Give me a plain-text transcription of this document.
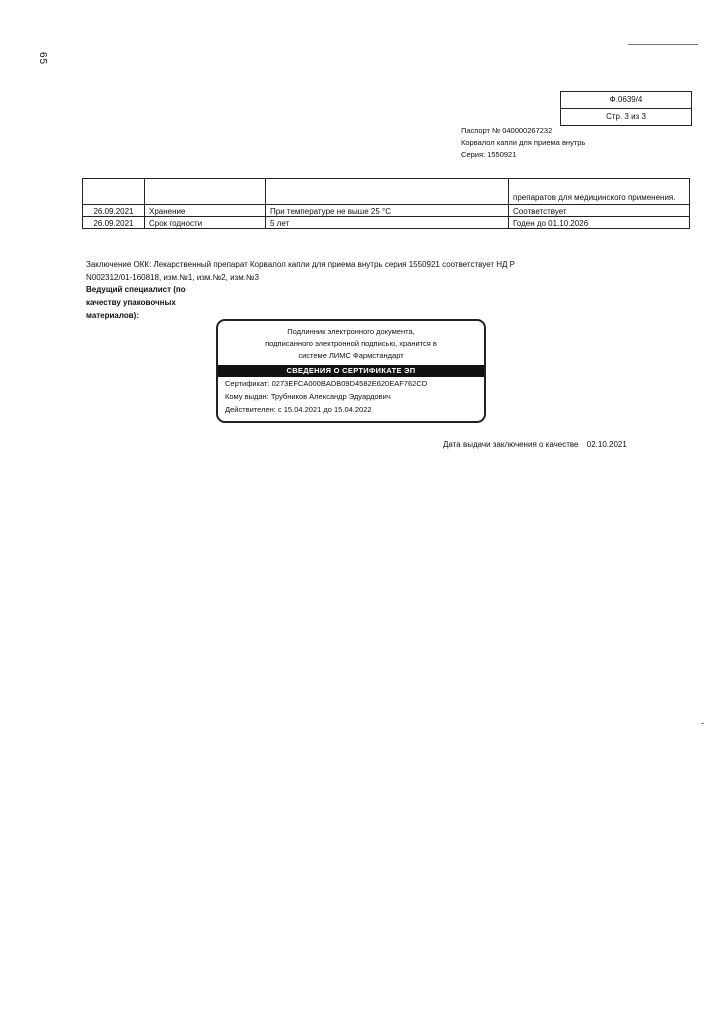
65
Ф.0639/4
Стр. 3 из 3
Паспорт № 040000267232
Корвалол капли для приема внутрь
Серия: 1550921
			препаратов для медицинского применения.
26.09.2021	Хранение	При температуре не выше 25 °С	Соответствует
26.09.2021	Срок годности	5 лет	Годен до 01.10.2026
Заключение ОКК: Лекарственный препарат Корвалол капли для приема внутрь серия 1550921 соответствует НД Р N002312/01-160818, изм.№1, изм.№2, изм.№3
Ведущий специалист (по качеству упаковочных материалов):
Подлинник электронного документа,
подписанного электронной подписью, хранится в
системе ЛИМС Фармстандарт
СВЕДЕНИЯ О СЕРТИФИКАТЕ ЭП
Сертификат: 0273EFCA000BADB09D4582E620EAF762CD
Кому выдан: Трубников Александр Эдуардович
Действителен: с 15.04.2021 до 15.04.2022
Дата выдачи заключения о качестве 02.10.2021
-
